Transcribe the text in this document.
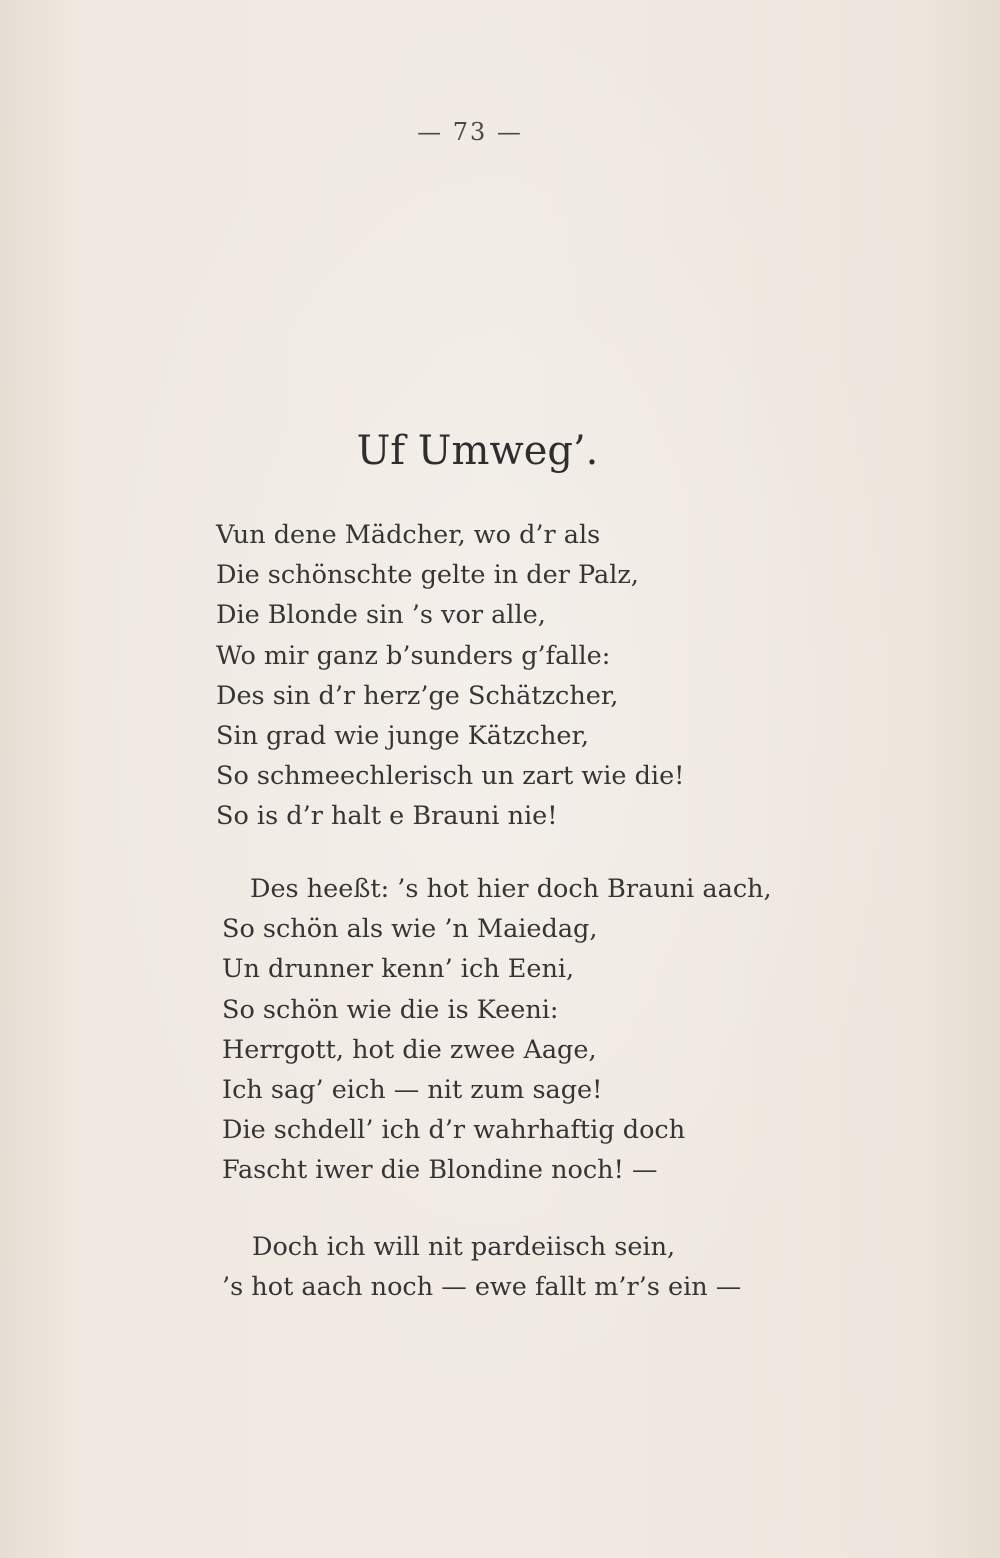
— 73 —
Uf Umweg’.
Vun dene Mädcher, wo d’r als
Die schönschte gelte in der Palz,
Die Blonde sin ’s vor alle,
Wo mir ganz b’sunders g’falle:
Des sin d’r herz’ge Schätzcher,
Sin grad wie junge Kätzcher,
So schmeechlerisch un zart wie die!
So is d’r halt e Brauni nie!
Des heeßt: ’s hot hier doch Brauni aach,
So schön als wie ’n Maiedag,
Un drunner kenn’ ich Eeni,
So schön wie die is Keeni:
Herrgott, hot die zwee Aage,
Ich sag’ eich — nit zum sage!
Die schdell’ ich d’r wahrhaftig doch
Fascht iwer die Blondine noch! —
Doch ich will nit pardeiisch sein,
’s hot aach noch — ewe fallt m’r’s ein —
